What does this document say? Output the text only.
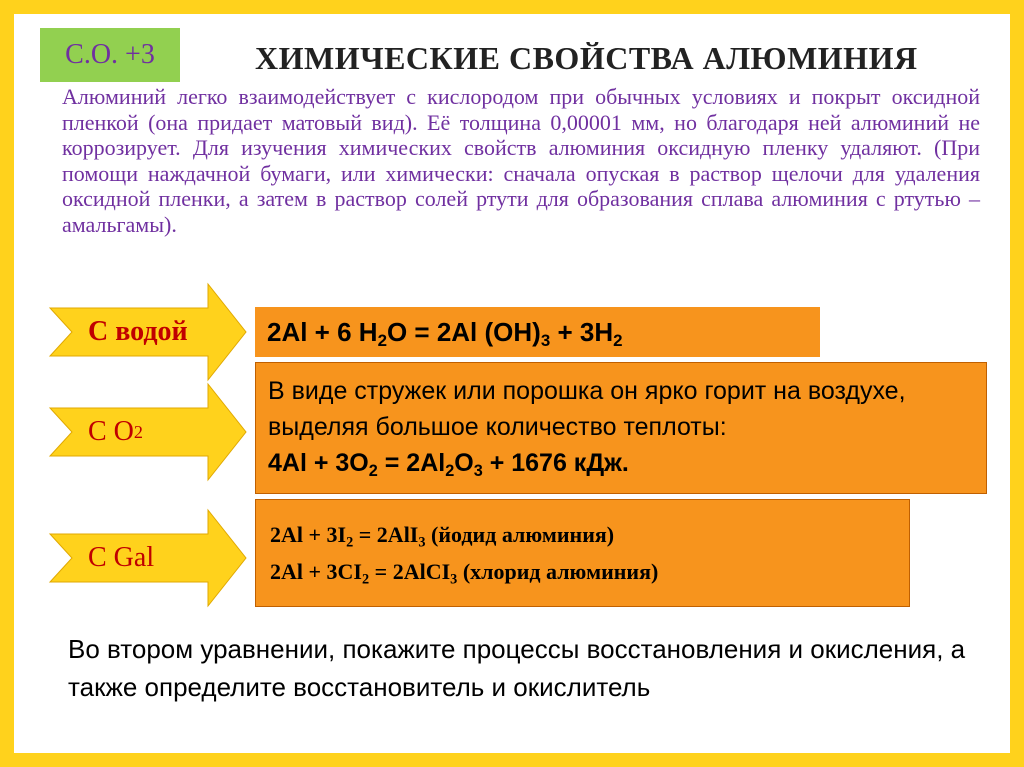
С.О. +3	ХИМИЧЕСКИЕ СВОЙСТВА АЛЮМИНИЯ
Алюминий легко взаимодействует с кислородом при обычных условиях и покрыт оксидной пленкой (она придает матовый вид). Её толщина 0,00001 мм, но благодаря ней алюминий не коррозирует. Для изучения химических свойств алюминия оксидную пленку удаляют. (При помощи наждачной бумаги, или химически: сначала опуская в раствор щелочи для удаления оксидной пленки, а затем в раствор солей ртути для образования сплава алюминия с ртутью – амальгамы).
С водой
С О 2
С Gal
2Al + 6 $H_2O = 2Al$ $(OH)_3 + 3H_2$
В виде стружек или порошка он ярко горит на воздухе, выделяя большое количество теплоты:
$4Al + 3O_2 = 2Al_2O_3 + 1676$ кДж.
$2Al + 3I_2 = 2AlI_3$ (йодид алюминия)
$2Al + 3CI_2$ = 2AlCI$_3$ (хлорид алюминия)
Во втором уравнении, покажите процессы восстановления и окисления, а также определите восстановитель и окислитель
